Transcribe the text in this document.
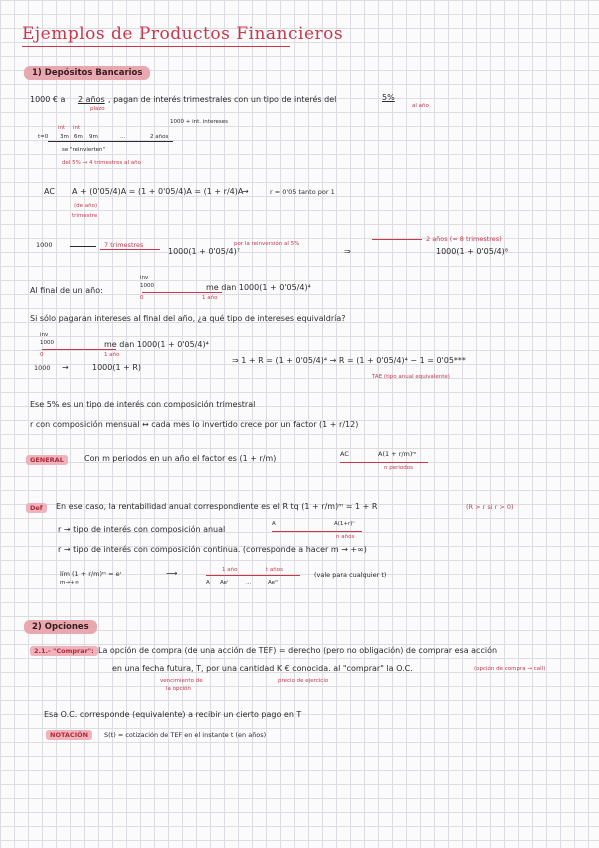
Ejemplos de Productos Financieros
1) Depósitos Bancarios
1000 € a 2 años , pagan de interés trimestrales con un tipo de interés del	5%
plazo	al año
1000 + int. intereses
int int
t=0 3m 6m 9m	...	2 años
se "reinvierten"
del 5% → 4 trimestres al año
AC A + (0'05/4)A = (1 + 0'05/4)A = (1 + r/4)A
→	r = 0'05 tanto por 1
(de año)
trimestre
1000	7 trimestres
1000(1 + 0'05/4)⁷
por la reinversión al 5%
⇒
2 años (= 8 trimestres)
1000(1 + 0'05/4)⁸
Al final de un año:
inv
1000
0	1 año
me dan 1000(1 + 0'05/4)⁴
Si sólo pagaran intereses al final del año, ¿a qué tipo de intereses equivaldría?
inv
1000
0	1 año
me dan 1000(1 + 0'05/4)⁴
1000 →	1000(1 + R)
⇒ 1 + R = (1 + 0'05/4)⁴ → R = (1 + 0'05/4)⁴ − 1 = 0'05***
TAE (tipo anual equivalente)
Ese 5% es un tipo de interés con composición trimestral
r con composición mensual ↔ cada mes lo invertido crece por un factor (1 + r/12)
GENERAL	Con m periodos en un año el factor es (1 + r/m)	AC	A(1 + r/m)ᵐ
n periodos
Def	En ese caso, la rentabilidad anual correspondiente es el R tq (1 + r/m)ᵐ = 1 + R	(R > r si r > 0)
r → tipo de interés con composición anual
A	A(1+r)ⁿ
n años
r → tipo de interés con composición continua. (corresponde a hacer m → +∞)
lím (1 + r/m)ᵐ = eʳ
m→+∞
⟶	1 año	t años
A Aeʳ	...	Aeʳᵗ
(vale para cualquier t)
2) Opciones
2.1.- "Comprar": La opción de compra (de una acción de TEF) = derecho (pero no obligación) de comprar esa acción
en una fecha futura, T, por una cantidad K € conocida. al "comprar" la O.C.	(opción de compra → call)
vencimiento de
la opción
precio de ejercicio
Esa O.C. corresponde (equivalente) a recibir un cierto pago en T
NOTACIÓN	S(t) = cotización de TEF en el instante t (en años)
